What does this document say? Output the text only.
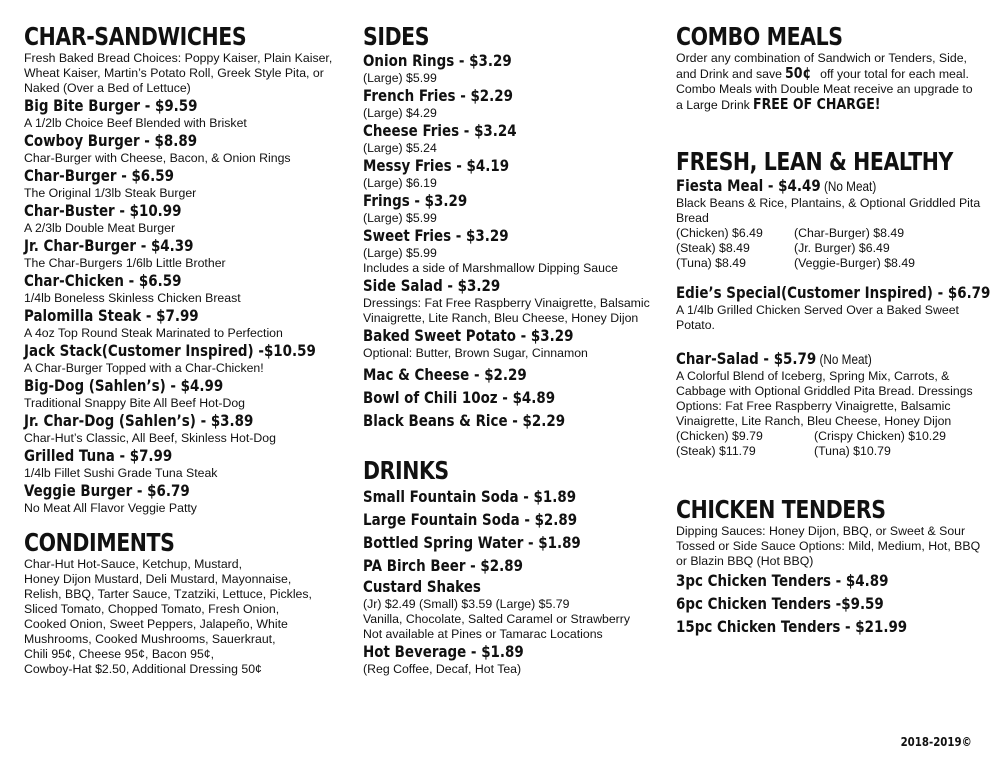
CHAR-SANDWICHES
Fresh Baked Bread Choices: Poppy Kaiser, Plain Kaiser, Wheat Kaiser, Martin’s Potato Roll, Greek Style Pita, or Naked (Over a Bed of Lettuce)
Big Bite Burger - $9.59
A 1/2lb Choice Beef Blended with Brisket
Cowboy Burger - $8.89
Char-Burger with Cheese, Bacon, & Onion Rings
Char-Burger - $6.59
The Original 1/3lb Steak Burger
Char-Buster - $10.99
A 2/3lb Double Meat Burger
Jr. Char-Burger - $4.39
The Char-Burgers 1/6lb Little Brother
Char-Chicken - $6.59
1/4lb Boneless Skinless Chicken Breast
Palomilla Steak - $7.99
A 4oz Top Round Steak Marinated to Perfection
Jack Stack(Customer Inspired) -$10.59
A Char-Burger Topped with a Char-Chicken!
Big-Dog (Sahlen’s) - $4.99
Traditional Snappy Bite All Beef Hot-Dog
Jr. Char-Dog (Sahlen’s) - $3.89
Char-Hut’s Classic, All Beef, Skinless Hot-Dog
Grilled Tuna - $7.99
1/4lb Fillet Sushi Grade Tuna Steak
Veggie Burger - $6.79
No Meat All Flavor Veggie Patty
CONDIMENTS
Char-Hut Hot-Sauce, Ketchup, Mustard,
Honey Dijon Mustard, Deli Mustard, Mayonnaise,
Relish, BBQ, Tarter Sauce, Tzatziki, Lettuce, Pickles,
Sliced Tomato, Chopped Tomato, Fresh Onion,
Cooked Onion, Sweet Peppers, Jalapeño, White
Mushrooms, Cooked Mushrooms, Sauerkraut,
Chili 95¢, Cheese 95¢, Bacon 95¢,
Cowboy-Hat $2.50, Additional Dressing 50¢
SIDES
Onion Rings - $3.29
(Large) $5.99
French Fries - $2.29
(Large) $4.29
Cheese Fries - $3.24
(Large) $5.24
Messy Fries - $4.19
(Large) $6.19
Frings - $3.29
(Large) $5.99
Sweet Fries - $3.29
(Large) $5.99
Includes a side of Marshmallow Dipping Sauce
Side Salad - $3.29
Dressings: Fat Free Raspberry Vinaigrette, Balsamic Vinaigrette, Lite Ranch, Bleu Cheese, Honey Dijon
Baked Sweet Potato - $3.29
Optional: Butter, Brown Sugar, Cinnamon
Mac & Cheese - $2.29
Bowl of Chili 10oz - $4.89
Black Beans & Rice - $2.29
DRINKS
Small Fountain Soda - $1.89
Large Fountain Soda - $2.89
Bottled Spring Water - $1.89
PA Birch Beer - $2.89
Custard Shakes
(Jr) $2.49 (Small) $3.59 (Large) $5.79
Vanilla, Chocolate, Salted Caramel or Strawberry
Not available at Pines or Tamarac Locations
Hot Beverage - $1.89
(Reg Coffee, Decaf, Hot Tea)
COMBO MEALS
Order any combination of Sandwich or Tenders, Side, and Drink and save 50¢ off your total for each meal. Combo Meals with Double Meat receive an upgrade to a Large Drink FREE OF CHARGE!
FRESH, LEAN & HEALTHY
Fiesta Meal - $4.49 (No Meat)
Black Beans & Rice, Plantains, & Optional Griddled Pita Bread
(Chicken) $6.49	(Char-Burger) $8.49
(Steak) $8.49	(Jr. Burger) $6.49
(Tuna) $8.49	(Veggie-Burger) $8.49
Edie’s Special(Customer Inspired) - $6.79
A 1/4lb Grilled Chicken Served Over a Baked Sweet Potato.
Char-Salad - $5.79 (No Meat)
A Colorful Blend of Iceberg, Spring Mix, Carrots, & Cabbage with Optional Griddled Pita Bread. Dressings Options: Fat Free Raspberry Vinaigrette, Balsamic Vinaigrette, Lite Ranch, Bleu Cheese, Honey Dijon
(Chicken) $9.79	(Crispy Chicken) $10.29
(Steak) $11.79	(Tuna) $10.79
CHICKEN TENDERS
Dipping Sauces: Honey Dijon, BBQ, or Sweet & Sour Tossed or Side Sauce Options: Mild, Medium, Hot, BBQ or Blazin BBQ (Hot BBQ)
3pc Chicken Tenders - $4.89
6pc Chicken Tenders -$9.59
15pc Chicken Tenders - $21.99
2018-2019©
